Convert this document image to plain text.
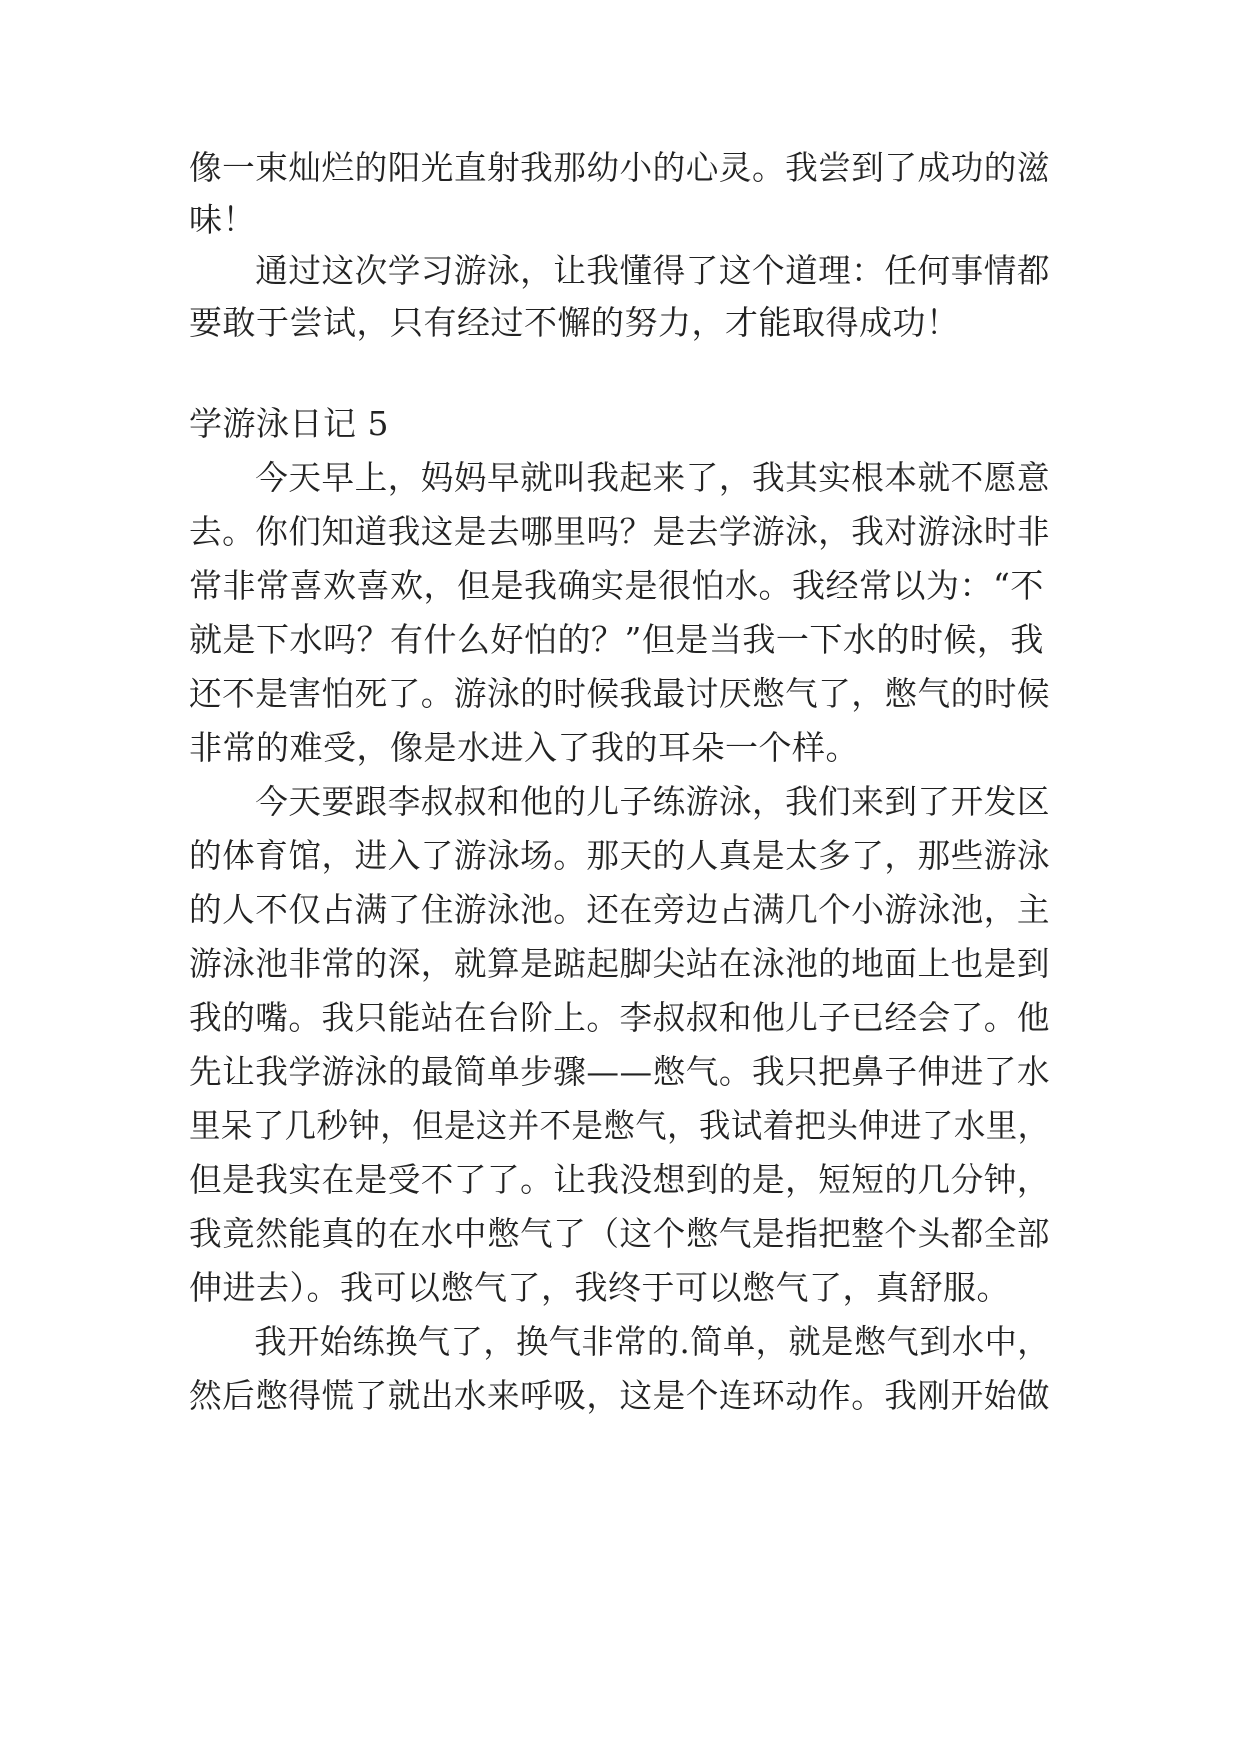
像一束灿烂的阳光直射我那幼小的心灵。我尝到了成功的滋
味！
　　通过这次学习游泳，让我懂得了这个道理：任何事情都
要敢于尝试，只有经过不懈的努力，才能取得成功！
学游泳日记 5
　　今天早上，妈妈早就叫我起来了，我其实根本就不愿意
去。你们知道我这是去哪里吗？是去学游泳，我对游泳时非
常非常喜欢喜欢，但是我确实是很怕水。我经常以为：“不
就是下水吗？有什么好怕的？”但是当我一下水的时候，我
还不是害怕死了。游泳的时候我最讨厌憋气了，憋气的时候
非常的难受，像是水进入了我的耳朵一个样。
　　今天要跟李叔叔和他的儿子练游泳，我们来到了开发区
的体育馆，进入了游泳场。那天的人真是太多了，那些游泳
的人不仅占满了住游泳池。还在旁边占满几个小游泳池，主
游泳池非常的深，就算是踮起脚尖站在泳池的地面上也是到
我的嘴。我只能站在台阶上。李叔叔和他儿子已经会了。他
先让我学游泳的最简单步骤——憋气。我只把鼻子伸进了水
里呆了几秒钟，但是这并不是憋气，我试着把头伸进了水里，
但是我实在是受不了了。让我没想到的是，短短的几分钟，
我竟然能真的在水中憋气了（这个憋气是指把整个头都全部
伸进去）。我可以憋气了，我终于可以憋气了，真舒服。
　　我开始练换气了，换气非常的.简单，就是憋气到水中，
然后憋得慌了就出水来呼吸，这是个连环动作。我刚开始做
